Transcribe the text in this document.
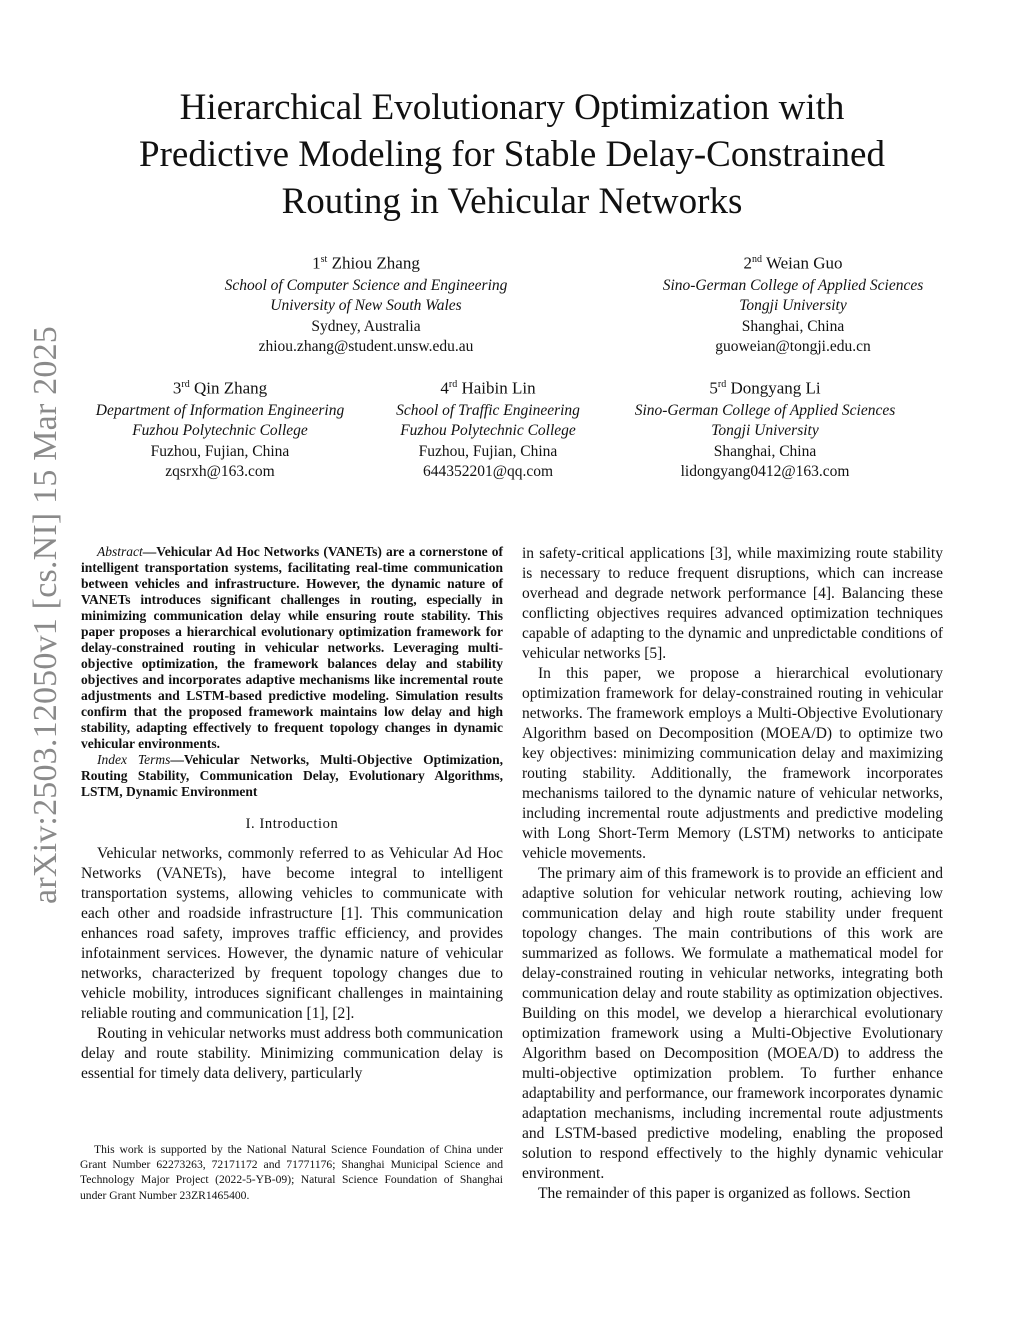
arXiv:2503.12050v1 [cs.NI] 15 Mar 2025
Hierarchical Evolutionary Optimization with
Predictive Modeling for Stable Delay-Constrained
Routing in Vehicular Networks
1st Zhiou Zhang
School of Computer Science and Engineering
University of New South Wales
Sydney, Australia
zhiou.zhang@student.unsw.edu.au
2nd Weian Guo
Sino-German College of Applied Sciences
Tongji University
Shanghai, China
guoweian@tongji.edu.cn
3rd Qin Zhang
Department of Information Engineering
Fuzhou Polytechnic College
Fuzhou, Fujian, China
zqsrxh@163.com
4rd Haibin Lin
School of Traffic Engineering
Fuzhou Polytechnic College
Fuzhou, Fujian, China
644352201@qq.com
5rd Dongyang Li
Sino-German College of Applied Sciences
Tongji University
Shanghai, China
lidongyang0412@163.com

Abstract—Vehicular Ad Hoc Networks (VANETs) are a cornerstone of intelligent transportation systems, facilitating real-time communication between vehicles and infrastructure. However, the dynamic nature of VANETs introduces significant challenges in routing, especially in minimizing communication delay while ensuring route stability. This paper proposes a hierarchical evolutionary optimization framework for delay-constrained routing in vehicular networks. Leveraging multi-objective optimization, the framework balances delay and stability objectives and incorporates adaptive mechanisms like incremental route adjustments and LSTM-based predictive modeling. Simulation results confirm that the proposed framework maintains low delay and high stability, adapting effectively to frequent topology changes in dynamic vehicular environments.

Index Terms—Vehicular Networks, Multi-Objective Optimization, Routing Stability, Communication Delay, Evolutionary Algorithms, LSTM, Dynamic Environment

I. Introduction

Vehicular networks, commonly referred to as Vehicular Ad Hoc Networks (VANETs), have become integral to intelligent transportation systems, allowing vehicles to communicate with each other and roadside infrastructure [1]. This communication enhances road safety, improves traffic efficiency, and provides infotainment services. However, the dynamic nature of vehicular networks, characterized by frequent topology changes due to vehicle mobility, introduces significant challenges in maintaining reliable routing and communication [1], [2].

Routing in vehicular networks must address both communication delay and route stability. Minimizing communication delay is essential for timely data delivery, particularly

This work is supported by the National Natural Science Foundation of China under Grant Number 62273263, 72171172 and 71771176; Shanghai Municipal Science and Technology Major Project (2022-5-YB-09); Natural Science Foundation of Shanghai under Grant Number 23ZR1465400.

in safety-critical applications [3], while maximizing route stability is necessary to reduce frequent disruptions, which can increase overhead and degrade network performance [4]. Balancing these conflicting objectives requires advanced optimization techniques capable of adapting to the dynamic and unpredictable conditions of vehicular networks [5].

In this paper, we propose a hierarchical evolutionary optimization framework for delay-constrained routing in vehicular networks. The framework employs a Multi-Objective Evolutionary Algorithm based on Decomposition (MOEA/D) to optimize two key objectives: minimizing communication delay and maximizing routing stability. Additionally, the framework incorporates mechanisms tailored to the dynamic nature of vehicular networks, including incremental route adjustments and predictive modeling with Long Short-Term Memory (LSTM) networks to anticipate vehicle movements.

The primary aim of this framework is to provide an efficient and adaptive solution for vehicular network routing, achieving low communication delay and high route stability under frequent topology changes. The main contributions of this work are summarized as follows. We formulate a mathematical model for delay-constrained routing in vehicular networks, integrating both communication delay and route stability as optimization objectives. Building on this model, we develop a hierarchical evolutionary optimization framework using a Multi-Objective Evolutionary Algorithm based on Decomposition (MOEA/D) to address the multi-objective optimization problem. To further enhance adaptability and performance, our framework incorporates dynamic adaptation mechanisms, including incremental route adjustments and LSTM-based predictive modeling, enabling the proposed solution to respond effectively to the highly dynamic vehicular environment.

The remainder of this paper is organized as follows. Section
